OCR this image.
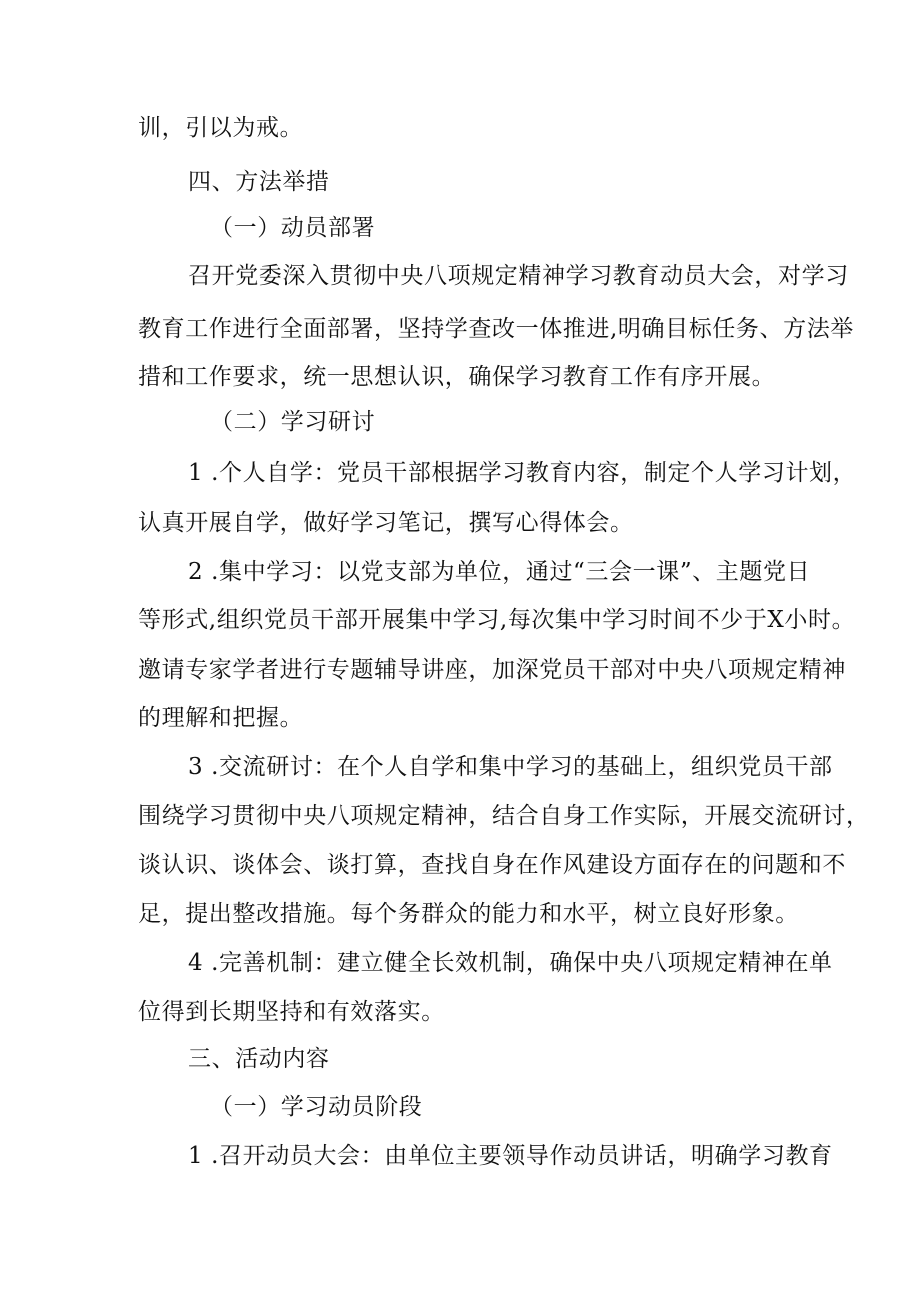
训，引以为戒。
四、方法举措
（一）动员部署
召开党委深入贯彻中央八项规定精神学习教育动员大会，对学习
教育工作进行全面部署，坚持学查改一体推进,明确目标任务、方法举
措和工作要求，统一思想认识，确保学习教育工作有序开展。
（二）学习研讨
1 .个人自学：党员干部根据学习教育内容，制定个人学习计划，
认真开展自学，做好学习笔记，撰写心得体会。
2 .集中学习：以党支部为单位，通过“三会一课”、主题党日
等形式,组织党员干部开展集中学习,每次集中学习时间不少于X小时。
邀请专家学者进行专题辅导讲座，加深党员干部对中央八项规定精神
的理解和把握。
3 .交流研讨：在个人自学和集中学习的基础上，组织党员干部
围绕学习贯彻中央八项规定精神，结合自身工作实际，开展交流研讨，
谈认识、谈体会、谈打算，查找自身在作风建设方面存在的问题和不
足，提出整改措施。每个务群众的能力和水平，树立良好形象。
4 .完善机制：建立健全长效机制，确保中央八项规定精神在单
位得到长期坚持和有效落实。
三、活动内容
（一）学习动员阶段
1 .召开动员大会：由单位主要领导作动员讲话，明确学习教育
